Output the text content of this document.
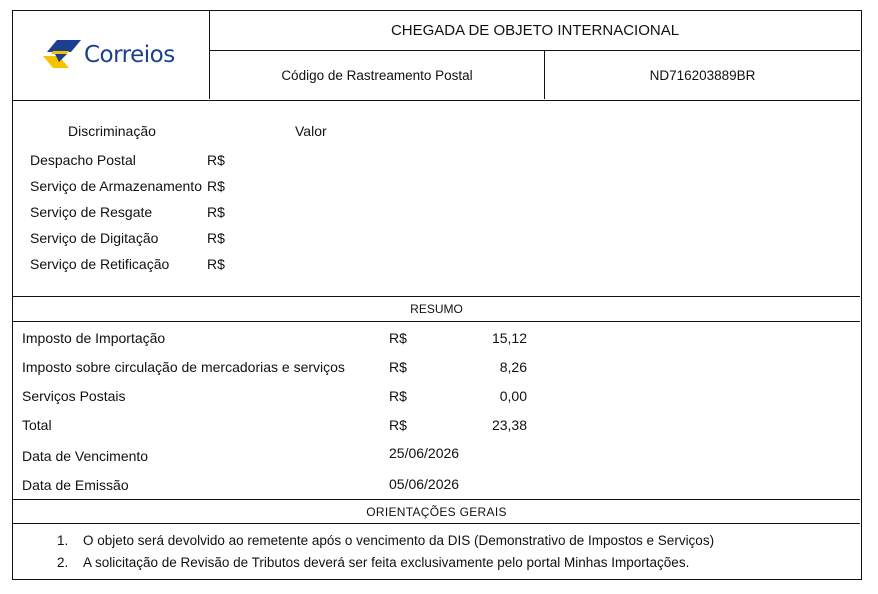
Correios
CHEGADA DE OBJETO INTERNACIONAL
Código de Rastreamento Postal	ND716203889BR
Discriminação	Valor
Despacho Postal	R$
Serviço de Armazenamento R$
Serviço de Resgate	R$
Serviço de Digitação	R$
Serviço de Retificação	R$
RESUMO
Imposto de Importação	R$	15,12
Imposto sobre circulação de mercadorias e serviços	R$	8,26
Serviços Postais	R$	0,00
Total	R$	23,38
Data de Vencimento	25/06/2026
Data de Emissão	05/06/2026
ORIENTAÇÕES GERAIS
1. O objeto será devolvido ao remetente após o vencimento da DIS (Demonstrativo de Impostos e Serviços)
2. A solicitação de Revisão de Tributos deverá ser feita exclusivamente pelo portal Minhas Importações.
